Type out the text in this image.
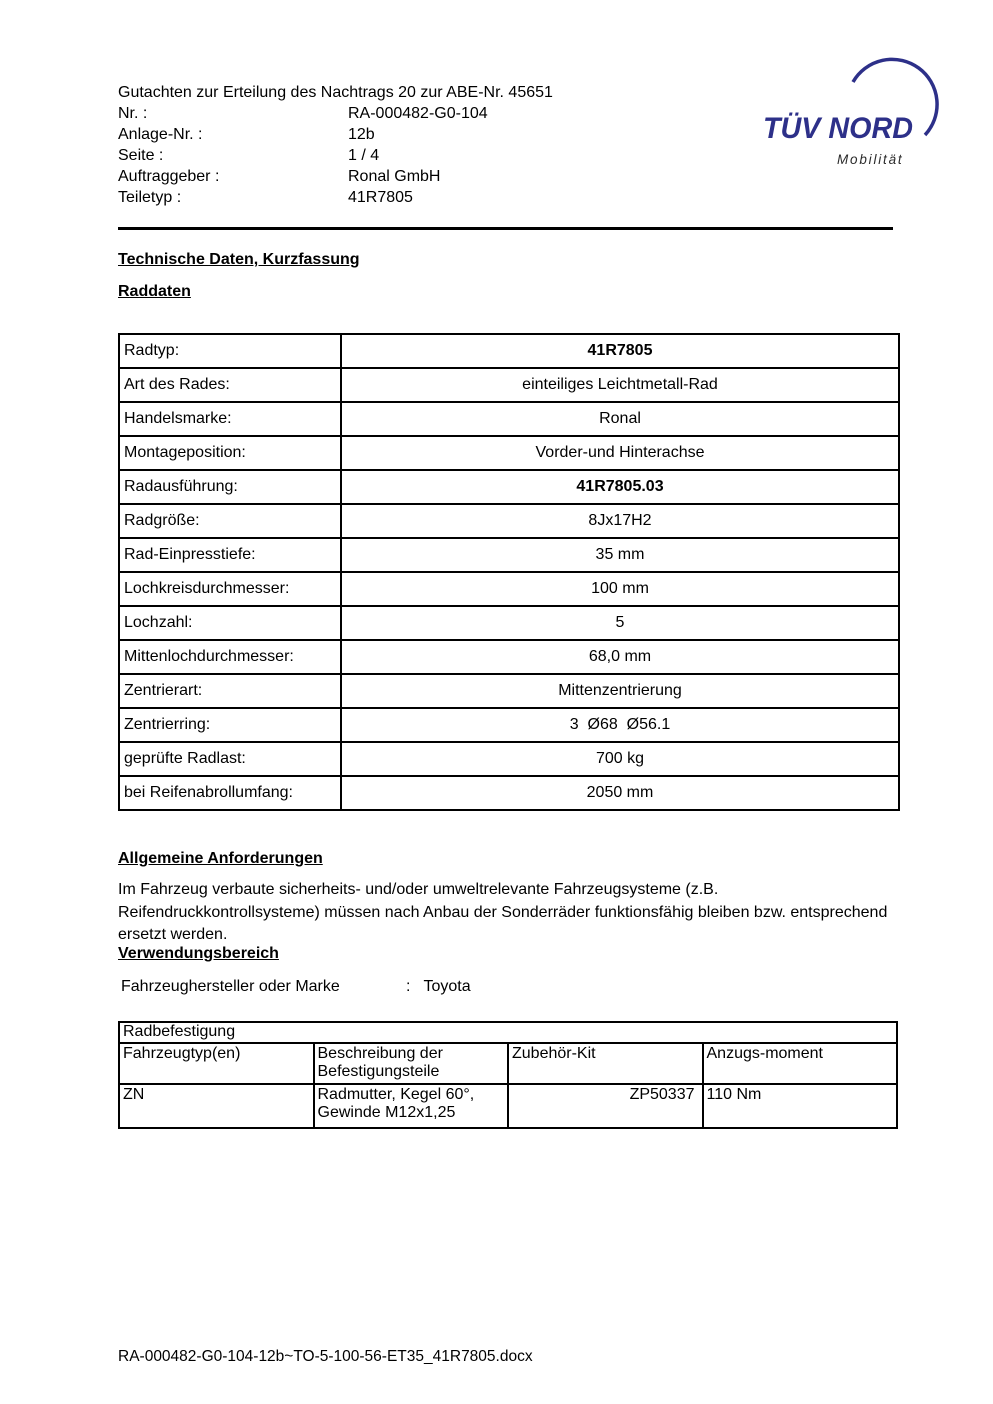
Gutachten zur Erteilung des Nachtrags 20 zur ABE-Nr. 45651
Nr. :	RA-000482-G0-104
Anlage-Nr. :	12b
Seite :	1 / 4
Auftraggeber :	Ronal GmbH
Teiletyp :	41R7805
TÜV NORD
Mobilität
Technische Daten, Kurzfassung
Raddaten
Radtyp:	41R7805
Art des Rades:	einteiliges Leichtmetall-Rad
Handelsmarke:	Ronal
Montageposition:	Vorder-und Hinterachse
Radausführung:	41R7805.03
Radgröße:	8Jx17H2
Rad-Einpresstiefe:	35 mm
Lochkreisdurchmesser:	100 mm
Lochzahl:	5
Mittenlochdurchmesser:	68,0 mm
Zentrierart:	Mittenzentrierung
Zentrierring:	3  Ø68  Ø56.1
geprüfte Radlast:	700 kg
bei Reifenabrollumfang:	2050 mm
Allgemeine Anforderungen
Im Fahrzeug verbaute sicherheits- und/oder umweltrelevante Fahrzeugsysteme (z.B. Reifendruckkontrollsysteme) müssen nach Anbau der Sonderräder funktionsfähig bleiben bzw. entsprechend ersetzt werden.
Verwendungsbereich
Fahrzeughersteller oder Marke	: Toyota
Radbefestigung			
Fahrzeugtyp(en)	Beschreibung der Befestigungsteile	Zubehör-Kit	Anzugs-moment
ZN	Radmutter, Kegel 60°, Gewinde M12x1,25	ZP50337	110 Nm
RA-000482-G0-104-12b~TO-5-100-56-ET35_41R7805.docx
